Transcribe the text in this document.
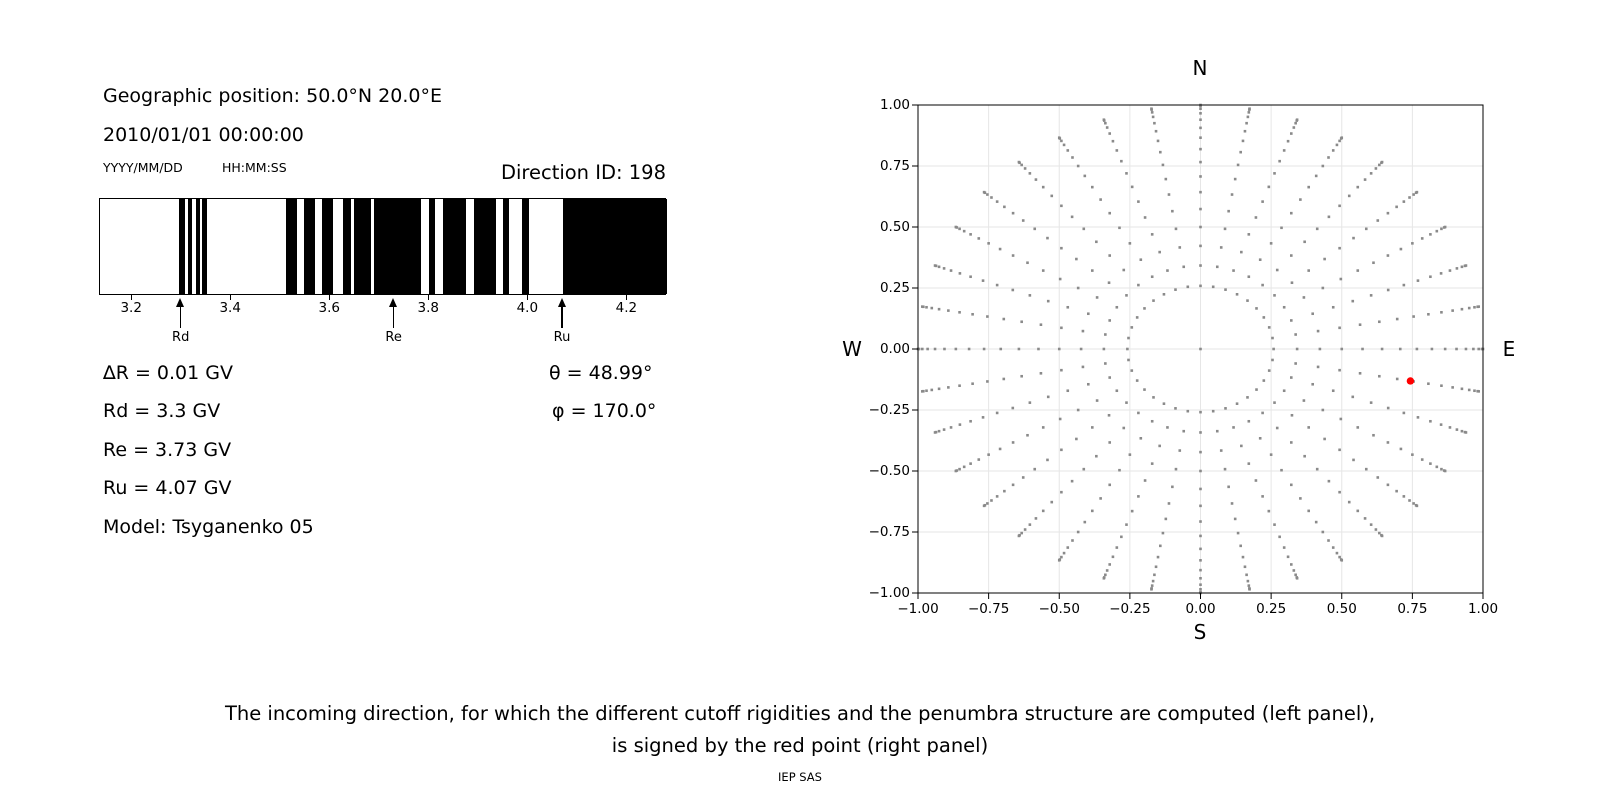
Geographic position: 50.0°N 20.0°E
2010/01/01 00:00:00
YYYY/MM/DD	HH:MM:SS	Direction ID: 198
3.2	3.4	3.6	3.8	4.0	4.2
Rd	Re	Ru
∆R = 0.01 GV
Rd = 3.3 GV
Re = 3.73 GV
Ru = 4.07 GV
Model: Tsyganenko 05
θ = 48.99°
φ = 170.0°
−1.00	−0.75	−0.50	−0.25	0.00	0.25	0.50	0.75	1.00
1.00
0.75
0.50
0.25
0.00
−0.25
−0.50
−0.75
−1.00
N
S
W	E
The incoming direction, for which the different cutoff rigidities and the penumbra structure are computed (left panel),
is signed by the red point (right panel)
IEP SAS
